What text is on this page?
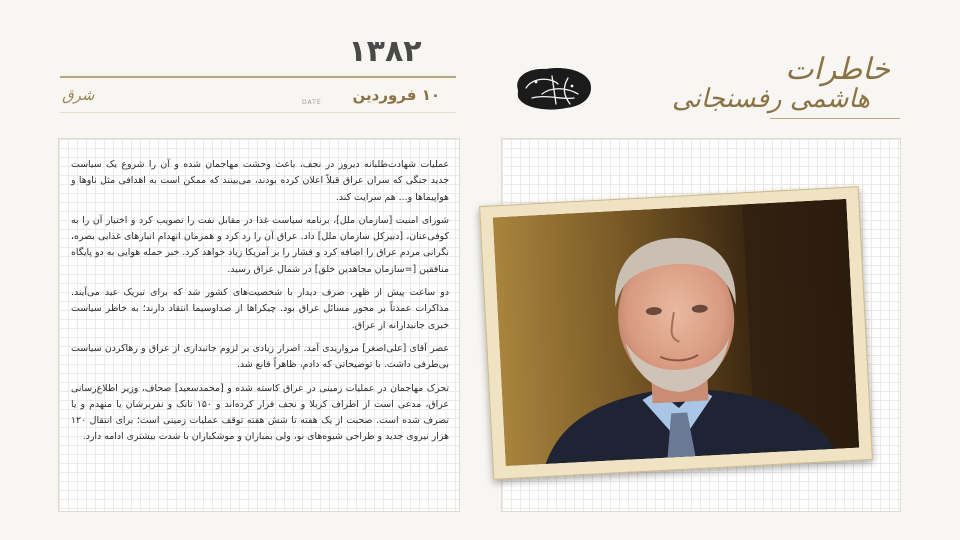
خاطرات
هاشمی رفسنجانی
۱۳۸۲
۱۰ فروردین
DATE
شرق

عملیات شهادت‌طلبانه دیروز در نجف، باعث وحشت مهاجمان شده و آن را شروع یک سیاست جدید جنگی که سران عراق قبلاً اعلان کرده بودند، می‌بینند که ممکن است به اهدافی مثل ناوها و هواپیماها و... هم سرایت کند.

شورای امنیت [سازمان ملل]، برنامه سیاست غذا در مقابل نفت را تصویب کرد و اختیار آن را به کوفی‌عنان، [دبیرکل سازمان ملل] داد. عراق آن را رد کرد و همزمان انهدام انبارهای غذایی بصره، نگرانی مردم عراق را اضافه کرد و فشار را بر آمریکا زیاد خواهد کرد. خبر حمله هوایی به دو پایگاه منافقین [=سازمان مجاهدین خلق] در شمال عراق رسید.

دو ساعت پیش از ظهر، صرف دیدار با شخصیت‌های کشور شد که برای تبریک عید می‌آیند. مذاکرات عمدتاً بر محور مسائل عراق بود. چیکراها از صداوسیما انتقاد دارند؛ به خاطر سیاست خبری جانبدارانه از عراق.

عصر آقای [علی‌اصغر] مرواریدی آمد. اصرار زیادی بر لزوم جانبداری از عراق و رهاکردن سیاست بی‌طرفی داشت. با توضیحاتی که دادم، ظاهراً قانع شد.

تحرک مهاجمان در عملیات زمینی در عراق کاسته شده و [محمدسعید] صحاف، وزیر اطلاع‌رسانی عراق، مدعی است از اطراف کربلا و نجف فرار کرده‌اند و ۱۵۰ تانک و نفربرشان یا منهدم و یا تصرف شده است. صحبت از یک هفته تا شش هفته توقف عملیات زمینی است؛ برای انتقال ۱۲۰ هزار نیروی جدید و طراحی شیوه‌های نو، ولی بمباران و موشکباران با شدت بیشتری ادامه دارد.
